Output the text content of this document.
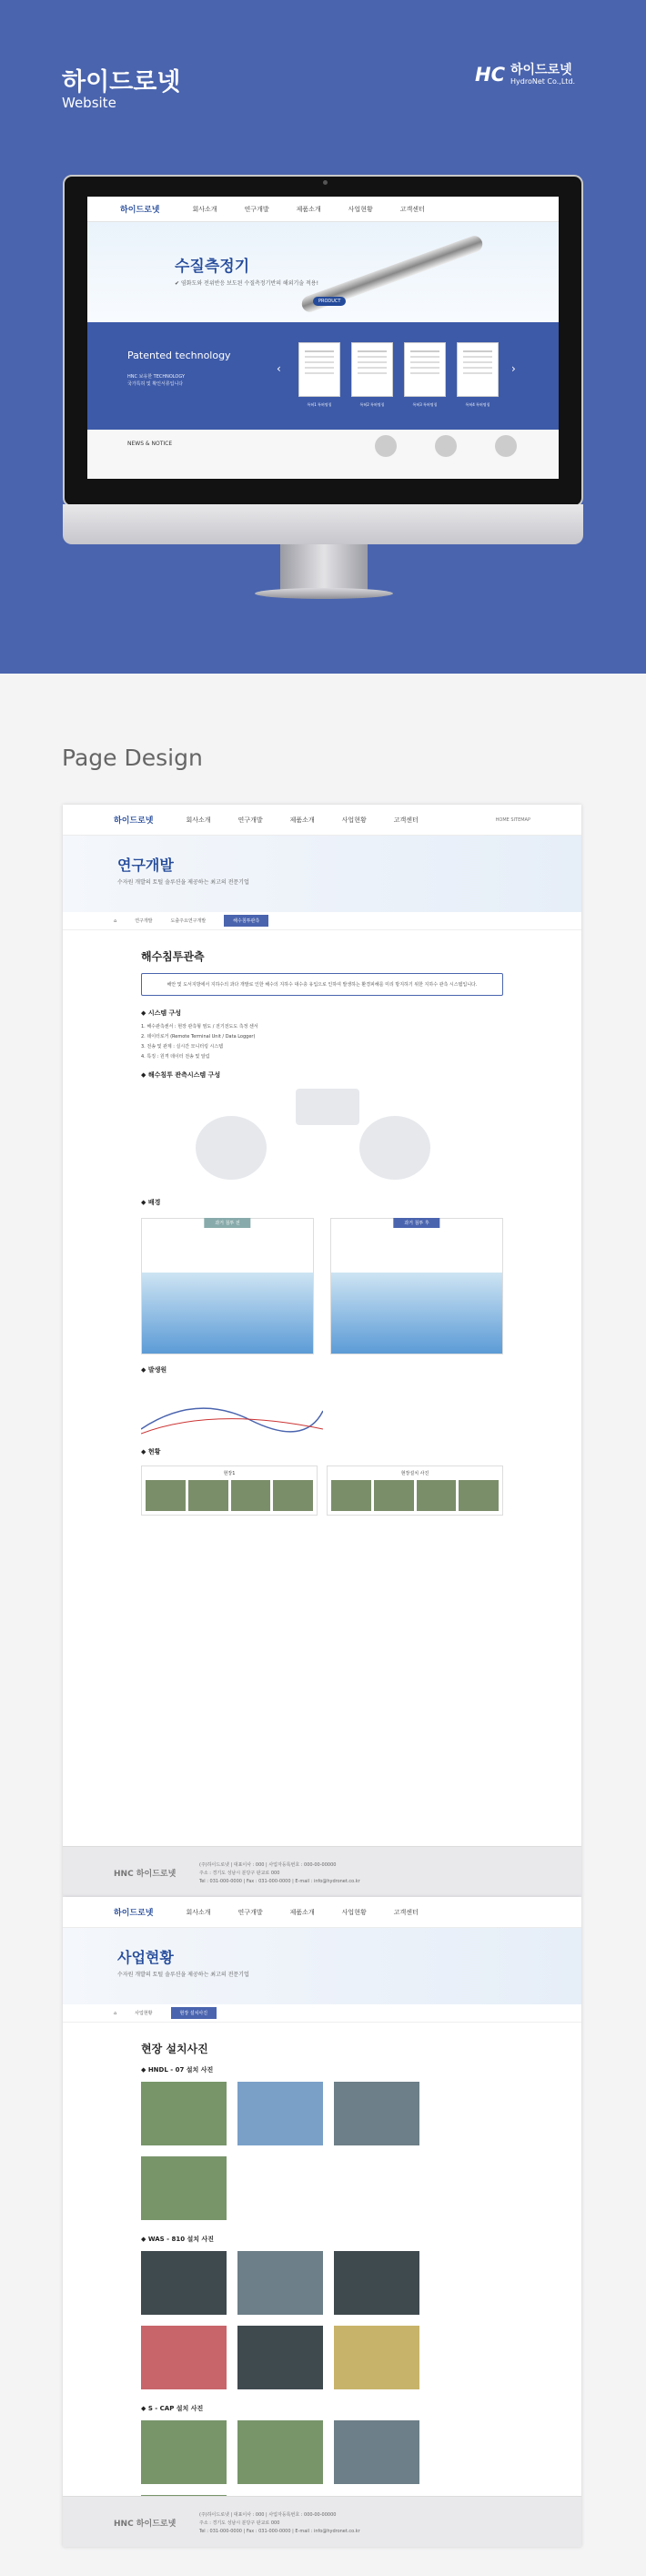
하이드로넷
Website
HC 하이드로넷
HydroNet Co.,Ltd.
하이드로넷	회사소개	연구개발	제품소개	사업현황	고객센터
수질측정기
✔ 염화도와 전위반응 보도된 수질측정기반의 해외기술 적용!
PRODUCT
Patented technology
HNC 보유한 TECHNOLOGY
국가특허 및 확인서류입니다
‹
특허1 특허명칭	특허2 특허명칭	특허3 특허명칭	특허4 특허명칭
›
NEWS & NOTICE
Page Design
하이드로넷	회사소개	연구개발	제품소개	사업현황	고객센터	HOME SITEMAP
연구개발
수자원 개발의 토털 솔루션을 제공하는 최고의 전문기업
⌂	연구개발	도출주요연구개발	해수침투관측
해수침투관측
해안 및 도서지방에서 지하수의 과다 개발로 인한 해수의 지하수 대수층 유입으로 인하여 발생하는 환경피해를 미리 방지하기 위한 지하수 관측 시스템입니다.
◆ 시스템 구성
1. 해수관측센서 : 현장 관측형 염도 / 전기전도도 측정 센서
2. 데이터로거 (Remote Terminal Unit / Data Logger)
3. 전송 및 관제 : 실시간 모니터링 시스템
4. 특징 : 원격 데이터 전송 및 알림
◆ 해수침투 관측시스템 구성
◆ 배경
과거 침투 전	과거 침투 후
◆ 발생원
◆ 현황
현장1	현장설치 사진
HNC 하이드로넷
(주)하이드로넷 | 대표이사 : 000 | 사업자등록번호 : 000-00-00000
주소 : 경기도 성남시 분당구 판교로 000
Tel : 031-000-0000 | Fax : 031-000-0000 | E-mail : info@hydronet.co.kr
하이드로넷	회사소개	연구개발	제품소개	사업현황	고객센터
사업현황
수자원 개발의 토털 솔루션을 제공하는 최고의 전문기업
⌂	사업현황	현장 설치사진
현장 설치사진
◆ HNDL - 07 설치 사진
◆ WAS - 810 설치 사진
◆ S - CAP 설치 사진
HNC 하이드로넷
(주)하이드로넷 | 대표이사 : 000 | 사업자등록번호 : 000-00-00000
주소 : 경기도 성남시 분당구 판교로 000
Tel : 031-000-0000 | Fax : 031-000-0000 | E-mail : info@hydronet.co.kr
